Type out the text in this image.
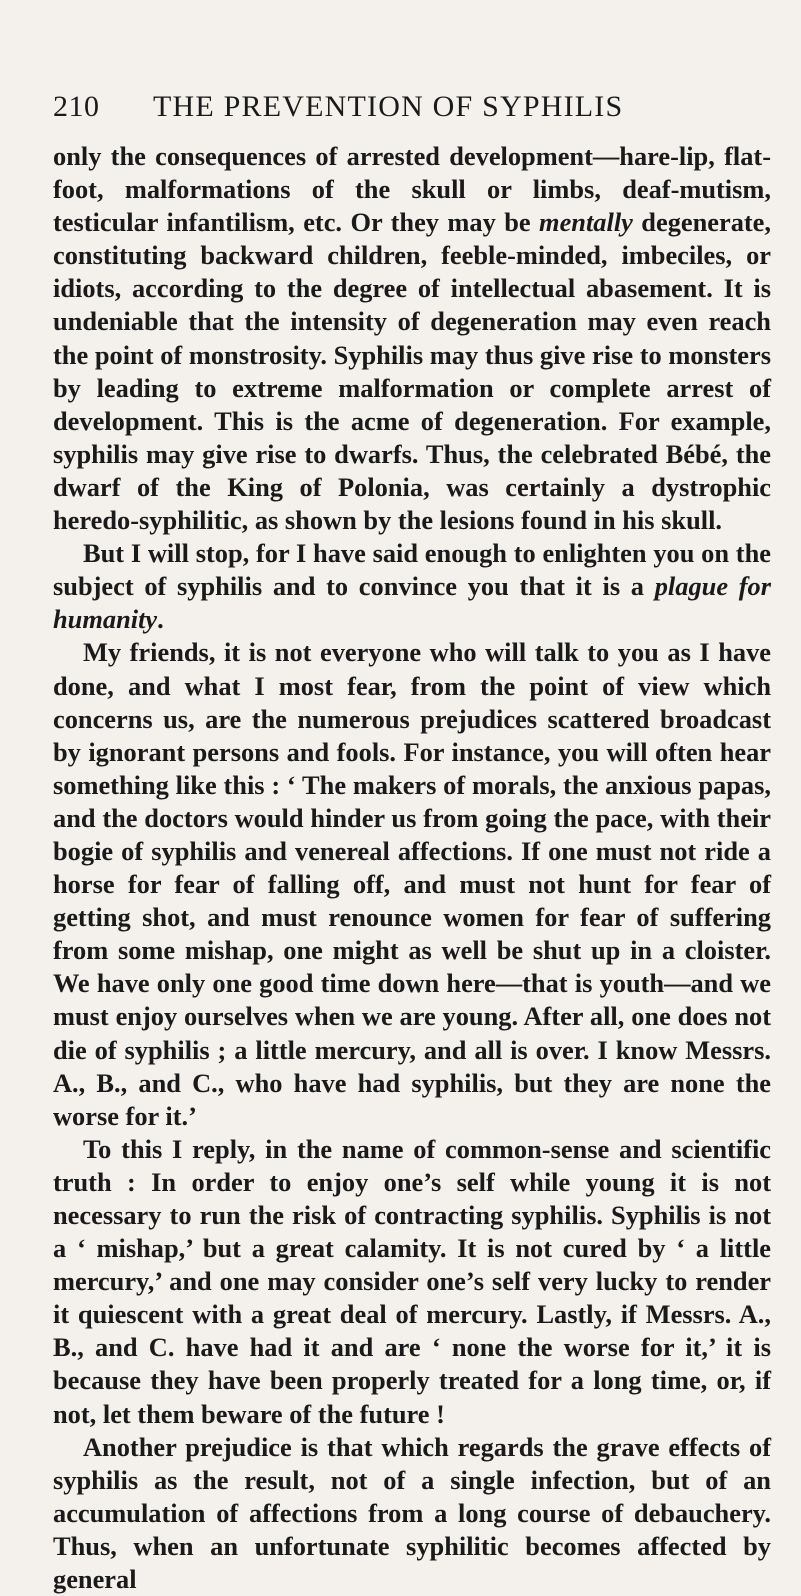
210 THE PREVENTION OF SYPHILIS

only the consequences of arrested development—hare-lip, flat-foot, malformations of the skull or limbs, deaf-mutism, testicular infantilism, etc. Or they may be mentally degenerate, constituting backward children, feeble-minded, imbeciles, or idiots, according to the degree of intellectual abasement. It is undeniable that the intensity of degeneration may even reach the point of monstrosity. Syphilis may thus give rise to monsters by leading to extreme malformation or complete arrest of development. This is the acme of degeneration. For example, syphilis may give rise to dwarfs. Thus, the celebrated Bébé, the dwarf of the King of Polonia, was certainly a dystrophic heredo-syphilitic, as shown by the lesions found in his skull.

But I will stop, for I have said enough to enlighten you on the subject of syphilis and to convince you that it is a plague for humanity.

My friends, it is not everyone who will talk to you as I have done, and what I most fear, from the point of view which concerns us, are the numerous prejudices scattered broadcast by ignorant persons and fools. For instance, you will often hear something like this : ‘ The makers of morals, the anxious papas, and the doctors would hinder us from going the pace, with their bogie of syphilis and venereal affections. If one must not ride a horse for fear of falling off, and must not hunt for fear of getting shot, and must renounce women for fear of suffering from some mishap, one might as well be shut up in a cloister. We have only one good time down here—that is youth—and we must enjoy ourselves when we are young. After all, one does not die of syphilis ; a little mercury, and all is over. I know Messrs. A., B., and C., who have had syphilis, but they are none the worse for it.’

To this I reply, in the name of common-sense and scientific truth : In order to enjoy one’s self while young it is not necessary to run the risk of contracting syphilis. Syphilis is not a ‘ mishap,’ but a great calamity. It is not cured by ‘ a little mercury,’ and one may consider one’s self very lucky to render it quiescent with a great deal of mercury. Lastly, if Messrs. A., B., and C. have had it and are ‘ none the worse for it,’ it is because they have been properly treated for a long time, or, if not, let them beware of the future !

Another prejudice is that which regards the grave effects of syphilis as the result, not of a single infection, but of an accumulation of affections from a long course of debauchery. Thus, when an unfortunate syphilitic becomes affected by general
